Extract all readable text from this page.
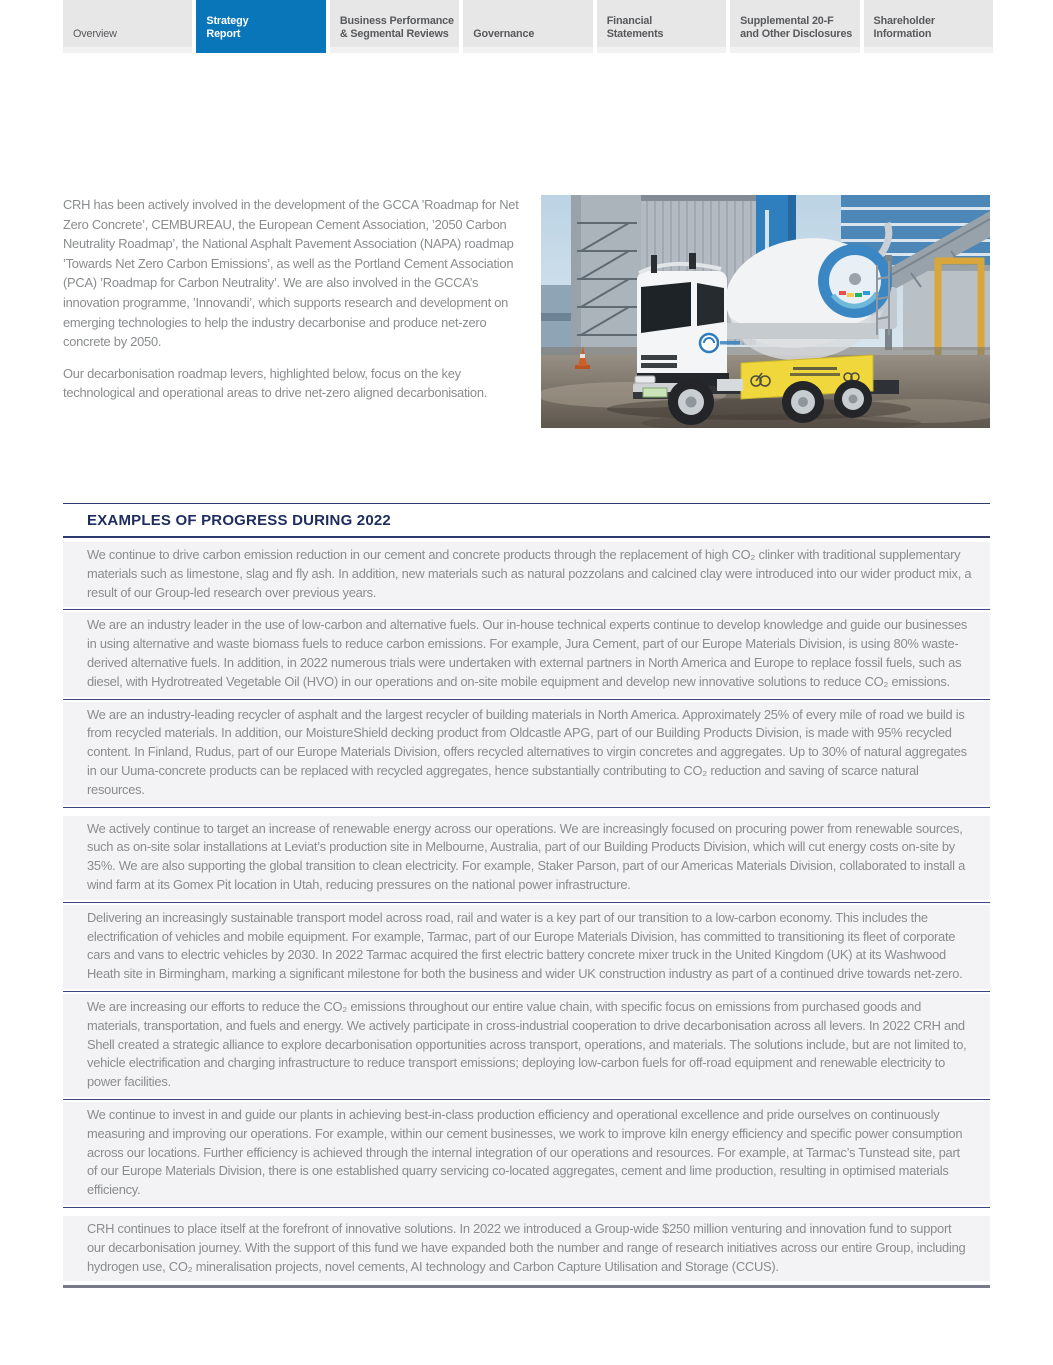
Overview
Strategy
Report
Business Performance
& Segmental Reviews	Governance
Financial
Statements
Supplemental 20-F
and Other Disclosures
Shareholder
Information

CRH has been actively involved in the development of the GCCA ’Roadmap for Net Zero Concrete’, CEMBUREAU, the European Cement Association, ’2050 Carbon Neutrality Roadmap’, the National Asphalt Pavement Association (NAPA) roadmap ’Towards Net Zero Carbon Emissions’, as well as the Portland Cement Association (PCA) ’Roadmap for Carbon Neutrality’. We are also involved in the GCCA’s innovation programme, ’Innovandi’, which supports research and development on emerging technologies to help the industry decarbonise and produce net-zero concrete by 2050.

Our decarbonisation roadmap levers, highlighted below, focus on the key technological and operational areas to drive net-zero aligned decarbonisation.

EXAMPLES OF PROGRESS DURING 2022
We continue to drive carbon emission reduction in our cement and concrete products through the replacement of high CO₂ clinker with traditional supplementary materials such as limestone, slag and fly ash. In addition, new materials such as natural pozzolans and calcined clay were introduced into our wider product mix, a result of our Group-led research over previous years.
We are an industry leader in the use of low-carbon and alternative fuels. Our in-house technical experts continue to develop knowledge and guide our businesses in using alternative and waste biomass fuels to reduce carbon emissions. For example, Jura Cement, part of our Europe Materials Division, is using 80% waste-derived alternative fuels. In addition, in 2022 numerous trials were undertaken with external partners in North America and Europe to replace fossil fuels, such as diesel, with Hydrotreated Vegetable Oil (HVO) in our operations and on-site mobile equipment and develop new innovative solutions to reduce CO₂ emissions.
We are an industry-leading recycler of asphalt and the largest recycler of building materials in North America. Approximately 25% of every mile of road we build is from recycled materials. In addition, our MoistureShield decking product from Oldcastle APG, part of our Building Products Division, is made with 95% recycled content. In Finland, Rudus, part of our Europe Materials Division, offers recycled alternatives to virgin concretes and aggregates. Up to 30% of natural aggregates in our Uuma-concrete products can be replaced with recycled aggregates, hence substantially contributing to CO₂ reduction and saving of scarce natural resources.
We actively continue to target an increase of renewable energy across our operations. We are increasingly focused on procuring power from renewable sources, such as on-site solar installations at Leviat’s production site in Melbourne, Australia, part of our Building Products Division, which will cut energy costs on-site by 35%. We are also supporting the global transition to clean electricity. For example, Staker Parson, part of our Americas Materials Division, collaborated to install a wind farm at its Gomex Pit location in Utah, reducing pressures on the national power infrastructure.
Delivering an increasingly sustainable transport model across road, rail and water is a key part of our transition to a low-carbon economy. This includes the electrification of vehicles and mobile equipment. For example, Tarmac, part of our Europe Materials Division, has committed to transitioning its fleet of corporate cars and vans to electric vehicles by 2030. In 2022 Tarmac acquired the first electric battery concrete mixer truck in the United Kingdom (UK) at its Washwood Heath site in Birmingham, marking a significant milestone for both the business and wider UK construction industry as part of a continued drive towards net-zero.
We are increasing our efforts to reduce the CO₂ emissions throughout our entire value chain, with specific focus on emissions from purchased goods and materials, transportation, and fuels and energy. We actively participate in cross-industrial cooperation to drive decarbonisation across all levers. In 2022 CRH and Shell created a strategic alliance to explore decarbonisation opportunities across transport, operations, and materials. The solutions include, but are not limited to, vehicle electrification and charging infrastructure to reduce transport emissions; deploying low-carbon fuels for off-road equipment and renewable electricity to power facilities.
We continue to invest in and guide our plants in achieving best-in-class production efficiency and operational excellence and pride ourselves on continuously measuring and improving our operations. For example, within our cement businesses, we work to improve kiln energy efficiency and specific power consumption across our locations. Further efficiency is achieved through the internal integration of our operations and resources. For example, at Tarmac’s Tunstead site, part of our Europe Materials Division, there is one established quarry servicing co-located aggregates, cement and lime production, resulting in optimised materials efficiency.
CRH continues to place itself at the forefront of innovative solutions. In 2022 we introduced a Group-wide $250 million venturing and innovation fund to support our decarbonisation journey. With the support of this fund we have expanded both the number and range of research initiatives across our entire Group, including hydrogen use, CO₂ mineralisation projects, novel cements, AI technology and Carbon Capture Utilisation and Storage (CCUS).
